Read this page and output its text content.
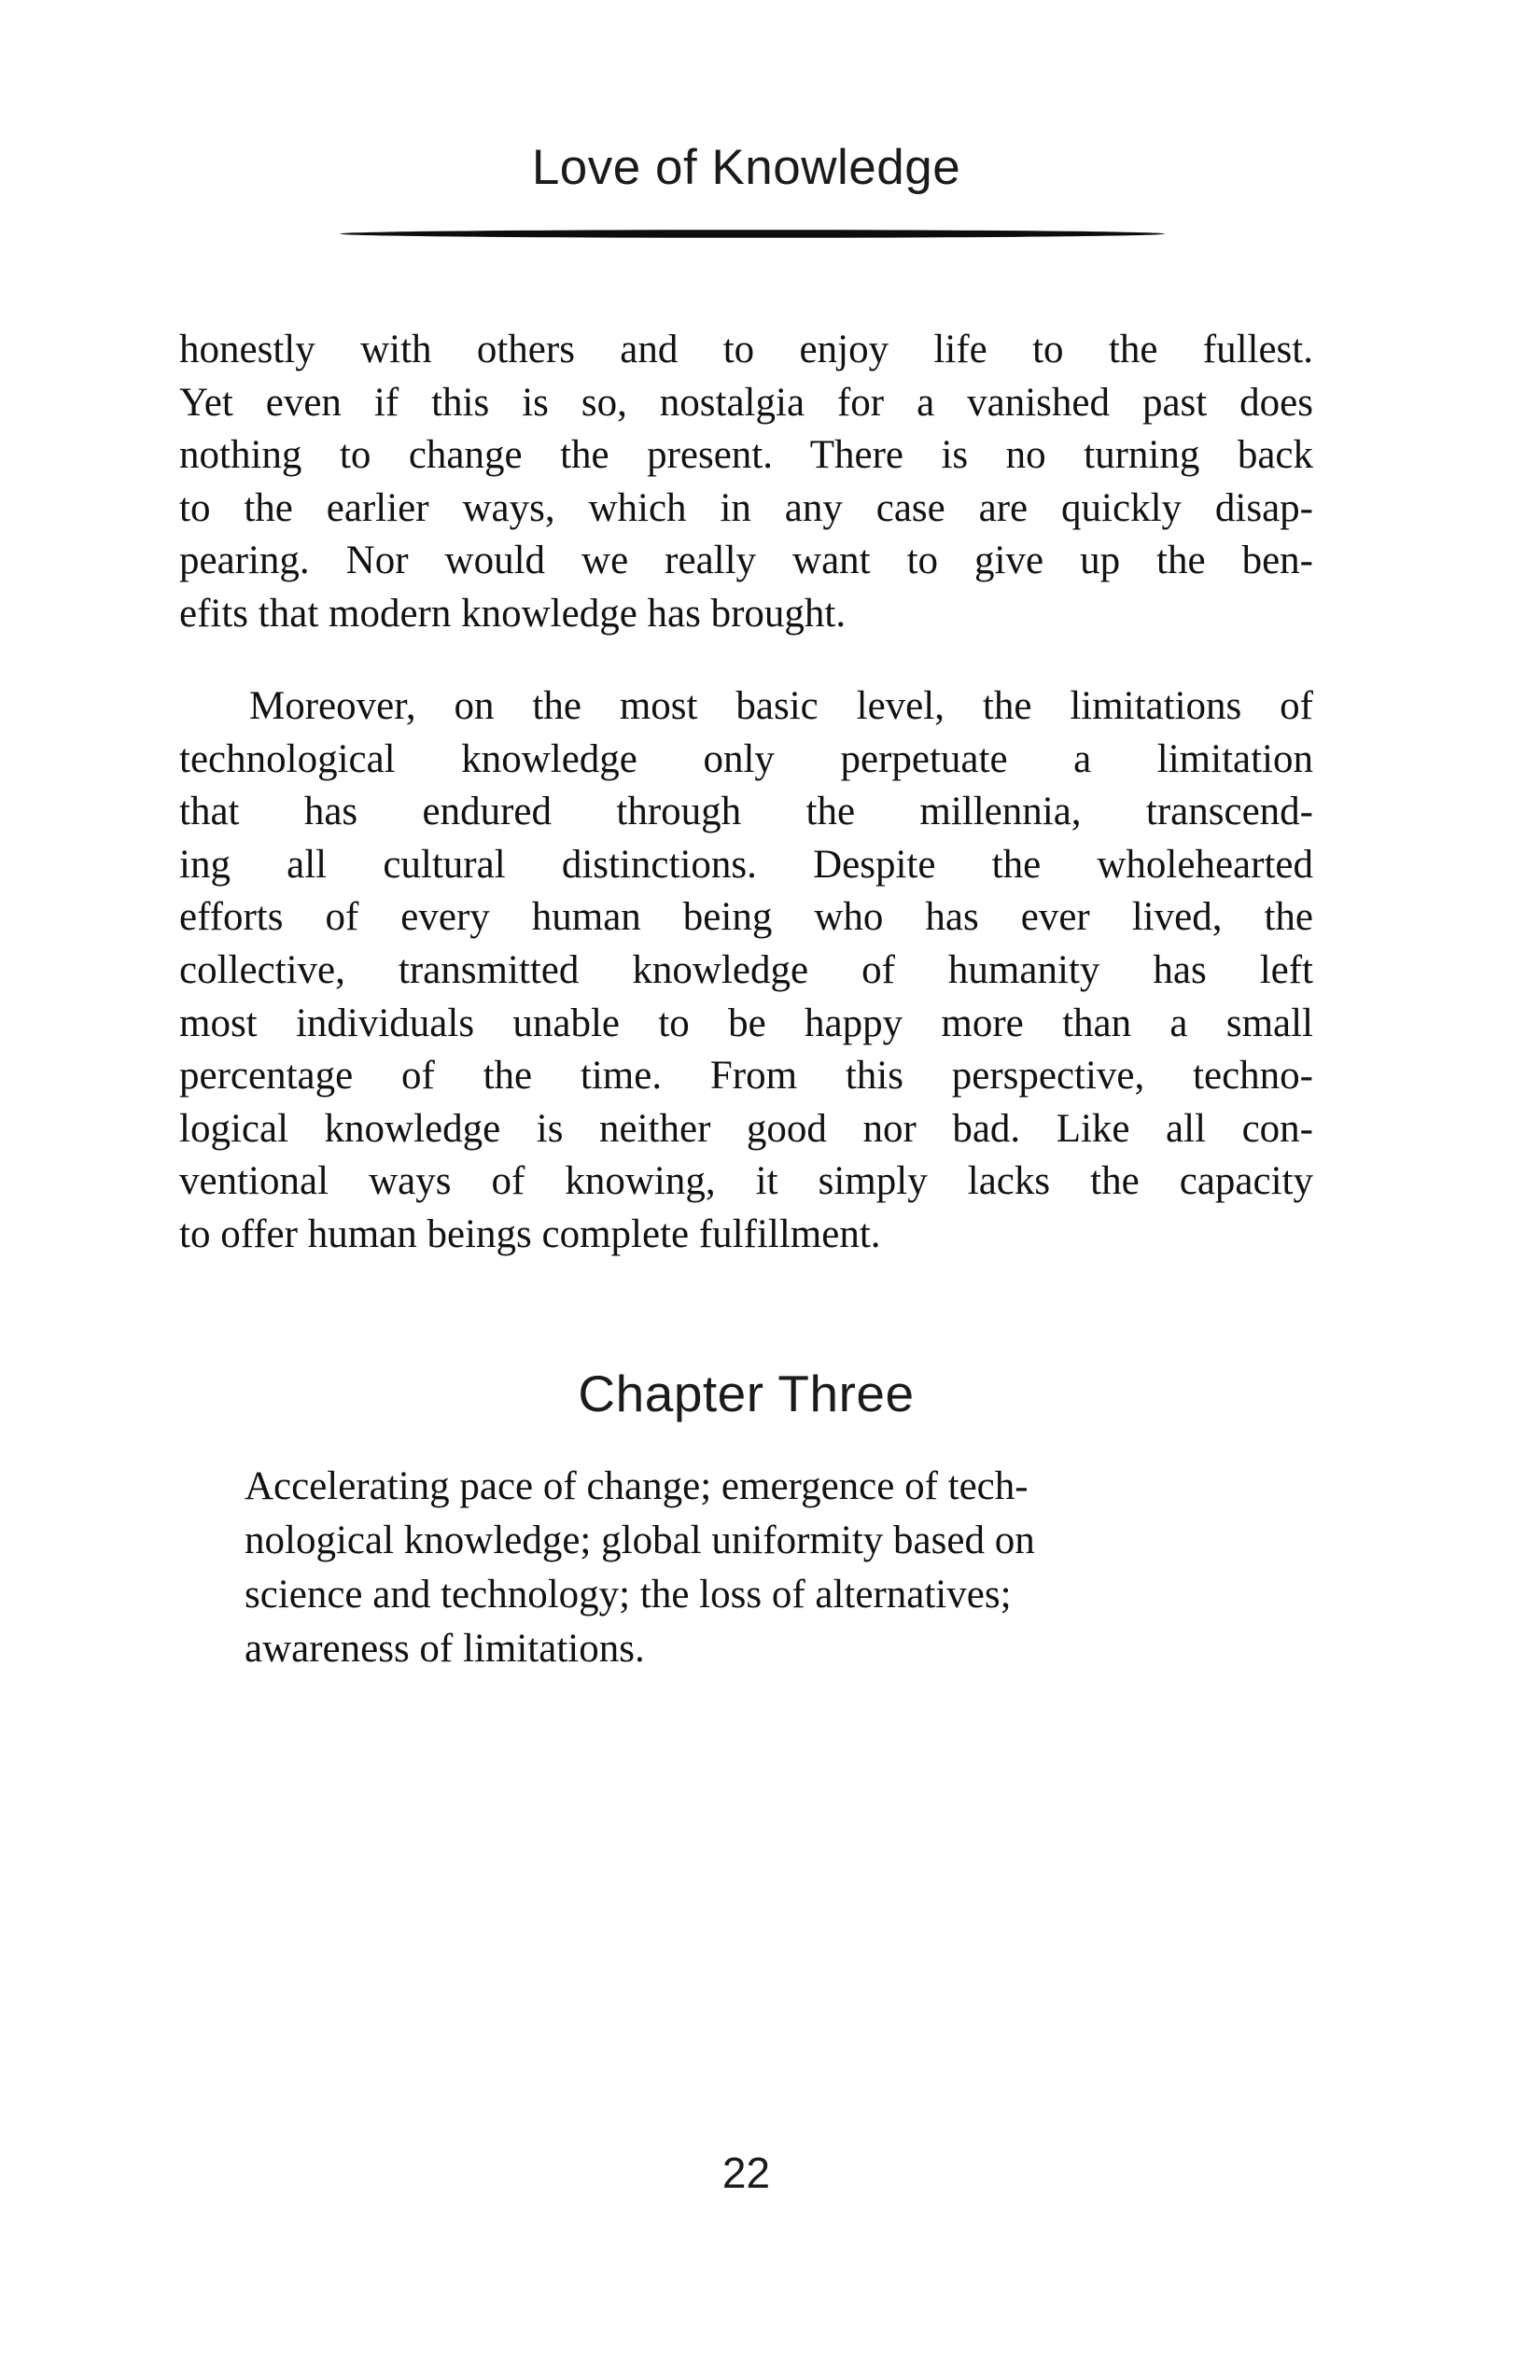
Love of Knowledge
honestly with others and to enjoy life to the fullest.
Yet even if this is so, nostalgia for a vanished past does
nothing to change the present. There is no turning back
to the earlier ways, which in any case are quickly disap-
pearing. Nor would we really want to give up the ben-
efits that modern knowledge has brought.
Moreover, on the most basic level, the limitations of
technological knowledge only perpetuate a limitation
that has endured through the millennia, transcend-
ing all cultural distinctions. Despite the wholehearted
efforts of every human being who has ever lived, the
collective, transmitted knowledge of humanity has left
most individuals unable to be happy more than a small
percentage of the time. From this perspective, techno-
logical knowledge is neither good nor bad. Like all con-
ventional ways of knowing, it simply lacks the capacity
to offer human beings complete fulfillment.
Chapter Three
Accelerating pace of change; emergence of tech-
nological knowledge; global uniformity based on
science and technology; the loss of alternatives;
awareness of limitations.
22
